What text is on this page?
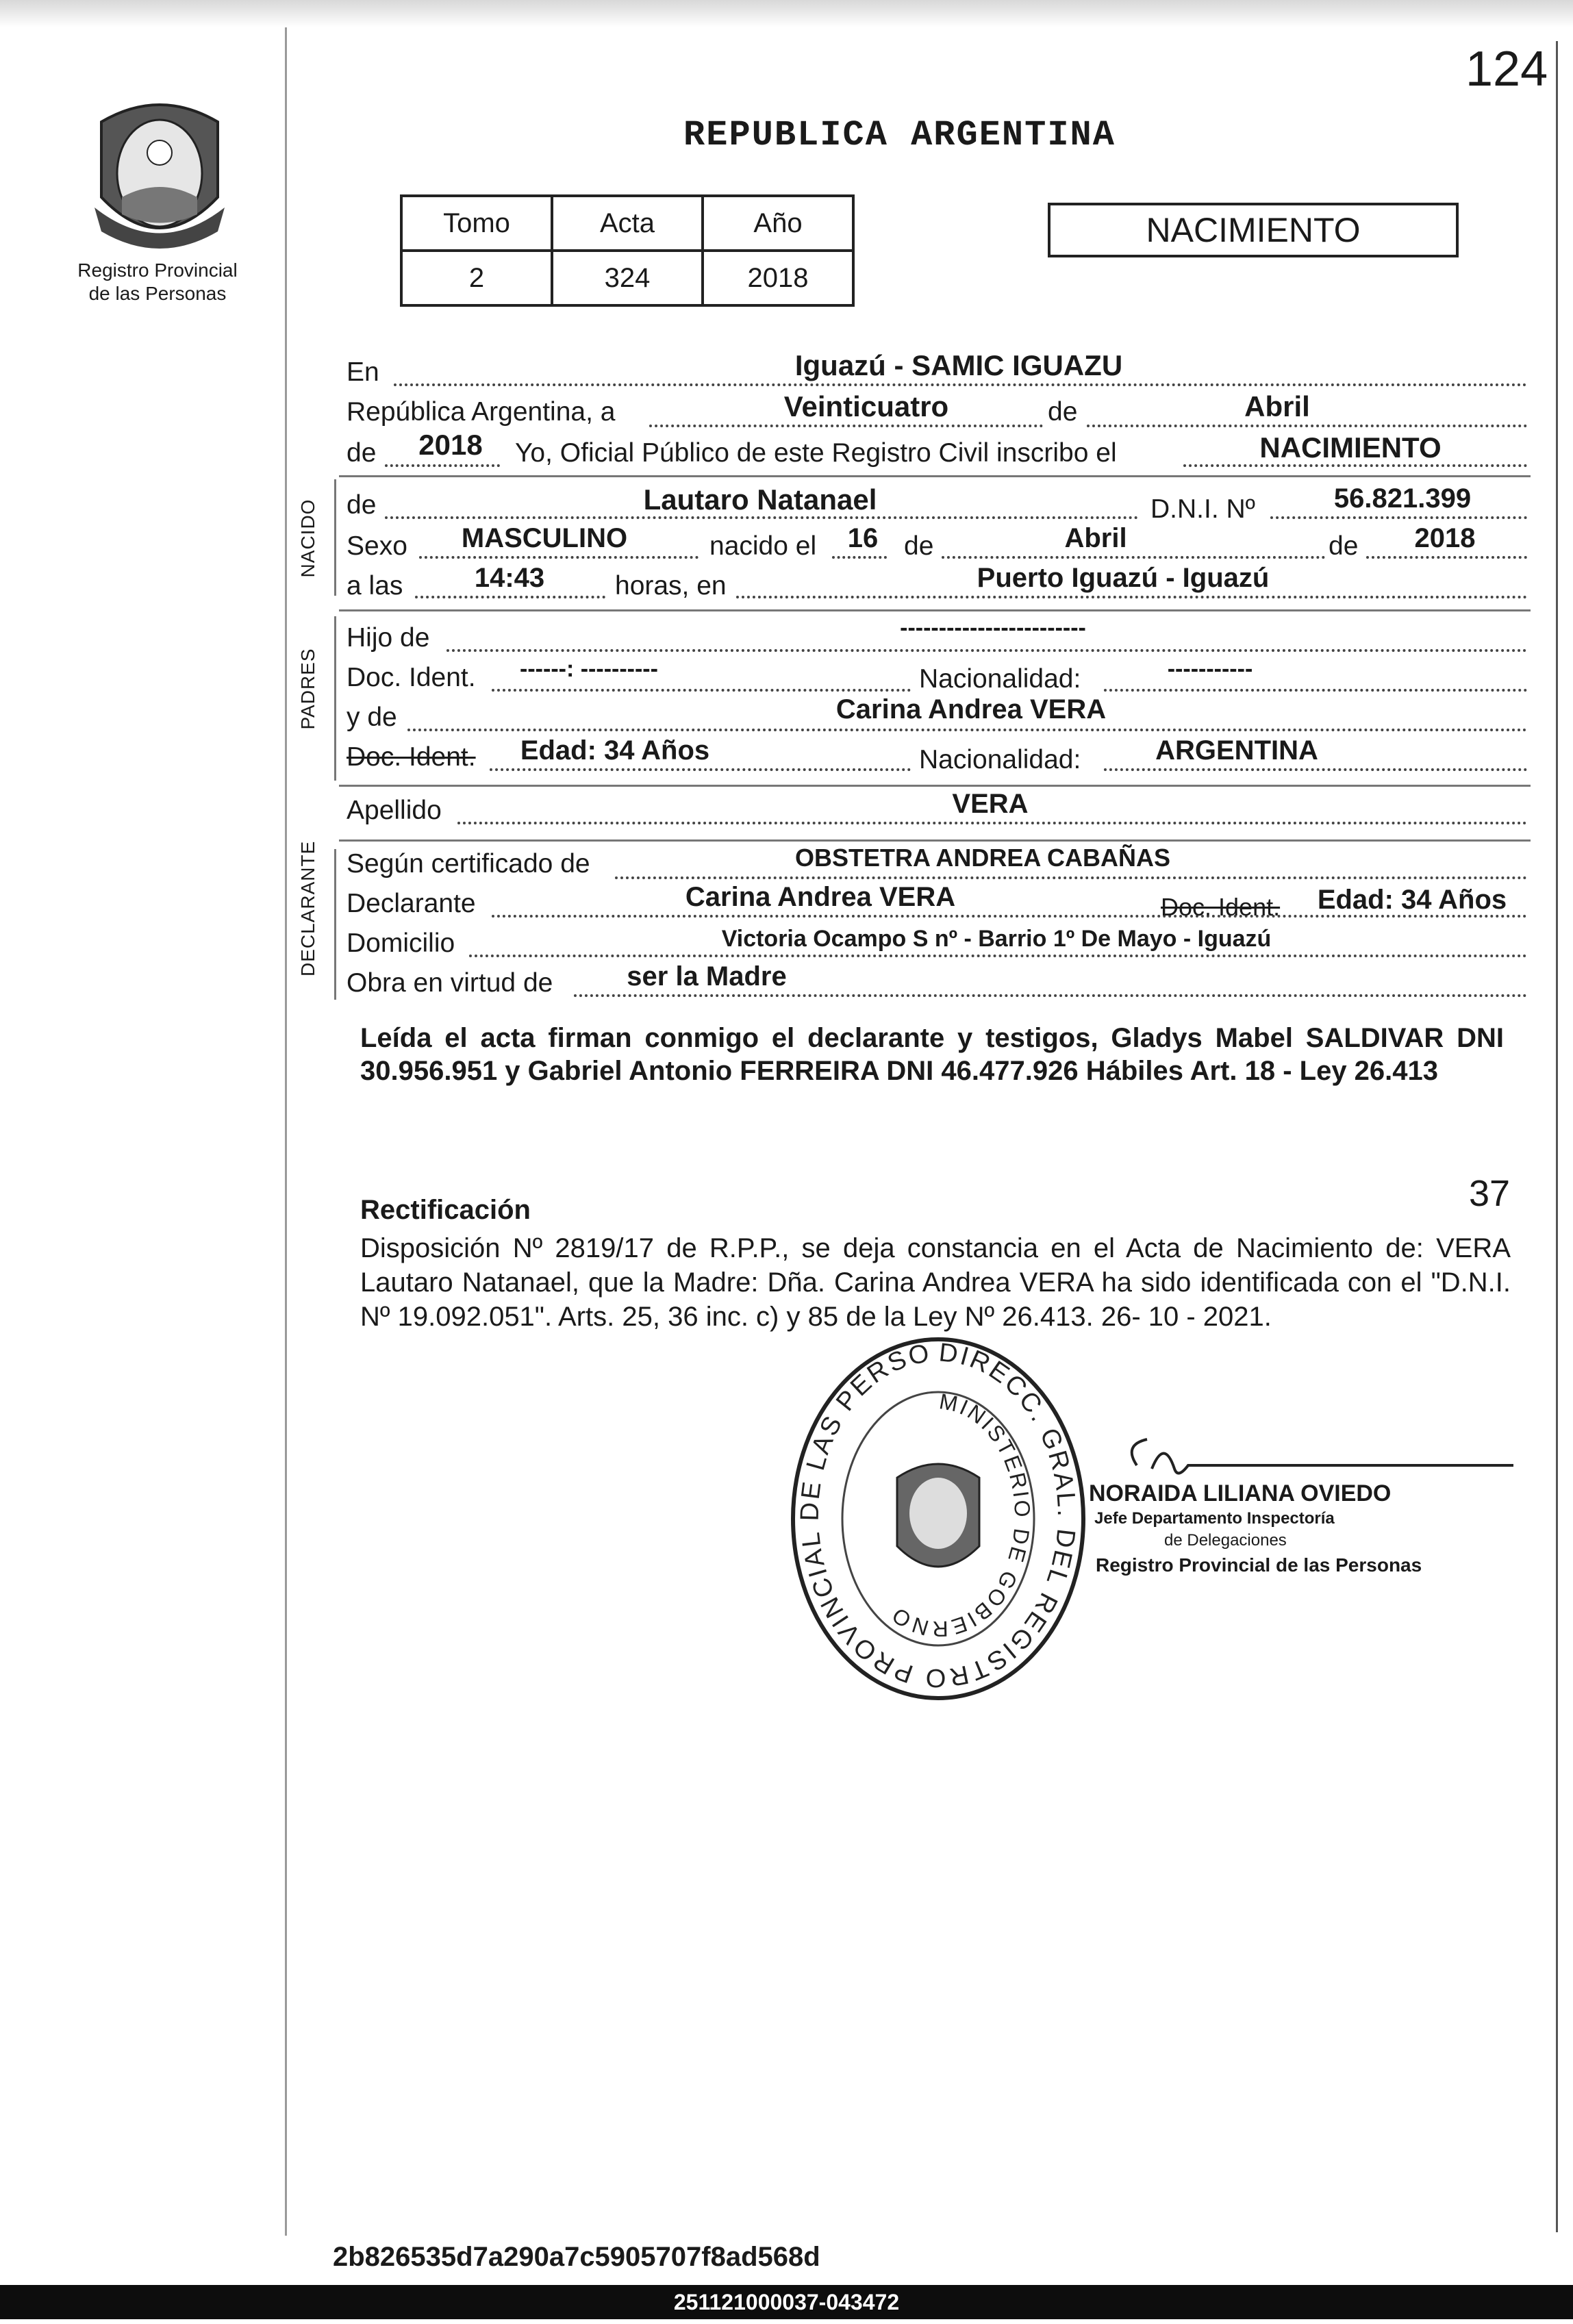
124
Registro Provincial de las Personas
REPUBLICA ARGENTINA
Tomo	Acta	Año
2	324	2018
NACIMIENTO
En	Iguazú - SAMIC IGUAZU
República Argentina, a	Veinticuatro	de	Abril
de 2018 Yo, Oficial Público de este Registro Civil inscribo el	NACIMIENTO
NACIDO de	Lautaro Natanael	D.N.I. Nº	56.821.399
Sexo MASCULINO	nacido el 16 de	Abril	de 2018
a las	14:43	horas, en	Puerto Iguazú - Iguazú
PADRES
Hijo de	------------------------
Doc. Ident. ------: ----------	Nacionalidad:	-----------
y de	Carina Andrea VERA
Doc. Ident. Edad: 34 Años	Nacionalidad:	ARGENTINA
Apellido	VERA
DECLARANTE Según certificado de	OBSTETRA ANDREA CABAÑAS
Declarante	Carina Andrea VERA	Doc. Ident. Edad: 34 Años
Domicilio	Victoria Ocampo S nº - Barrio 1º De Mayo - Iguazú
Obra en virtud de	ser la Madre
Leída el acta firman conmigo el declarante y testigos, Gladys Mabel SALDIVAR DNI 30.956.951 y Gabriel Antonio FERREIRA DNI 46.477.926 Hábiles Art. 18 - Ley 26.413
Rectificación	37
Disposición Nº 2819/17 de R.P.P., se deja constancia en el Acta de Nacimiento de: VERA Lautaro Natanael, que la Madre: Dña. Carina Andrea VERA ha sido identificada con el "D.N.I. Nº 19.092.051". Arts. 25, 36 inc. c) y 85 de la Ley Nº 26.413. 26- 10 - 2021.
DIRECC. GRAL. DEL REGISTRO PROVINCIAL DE LAS PERSO
MINISTERIO DE GOBIERNO
NORAIDA LILIANA OVIEDO
Jefe Departamento Inspectoría
de Delegaciones
Registro Provincial de las Personas
2b826535d7a290a7c5905707f8ad568d
251121000037-043472
